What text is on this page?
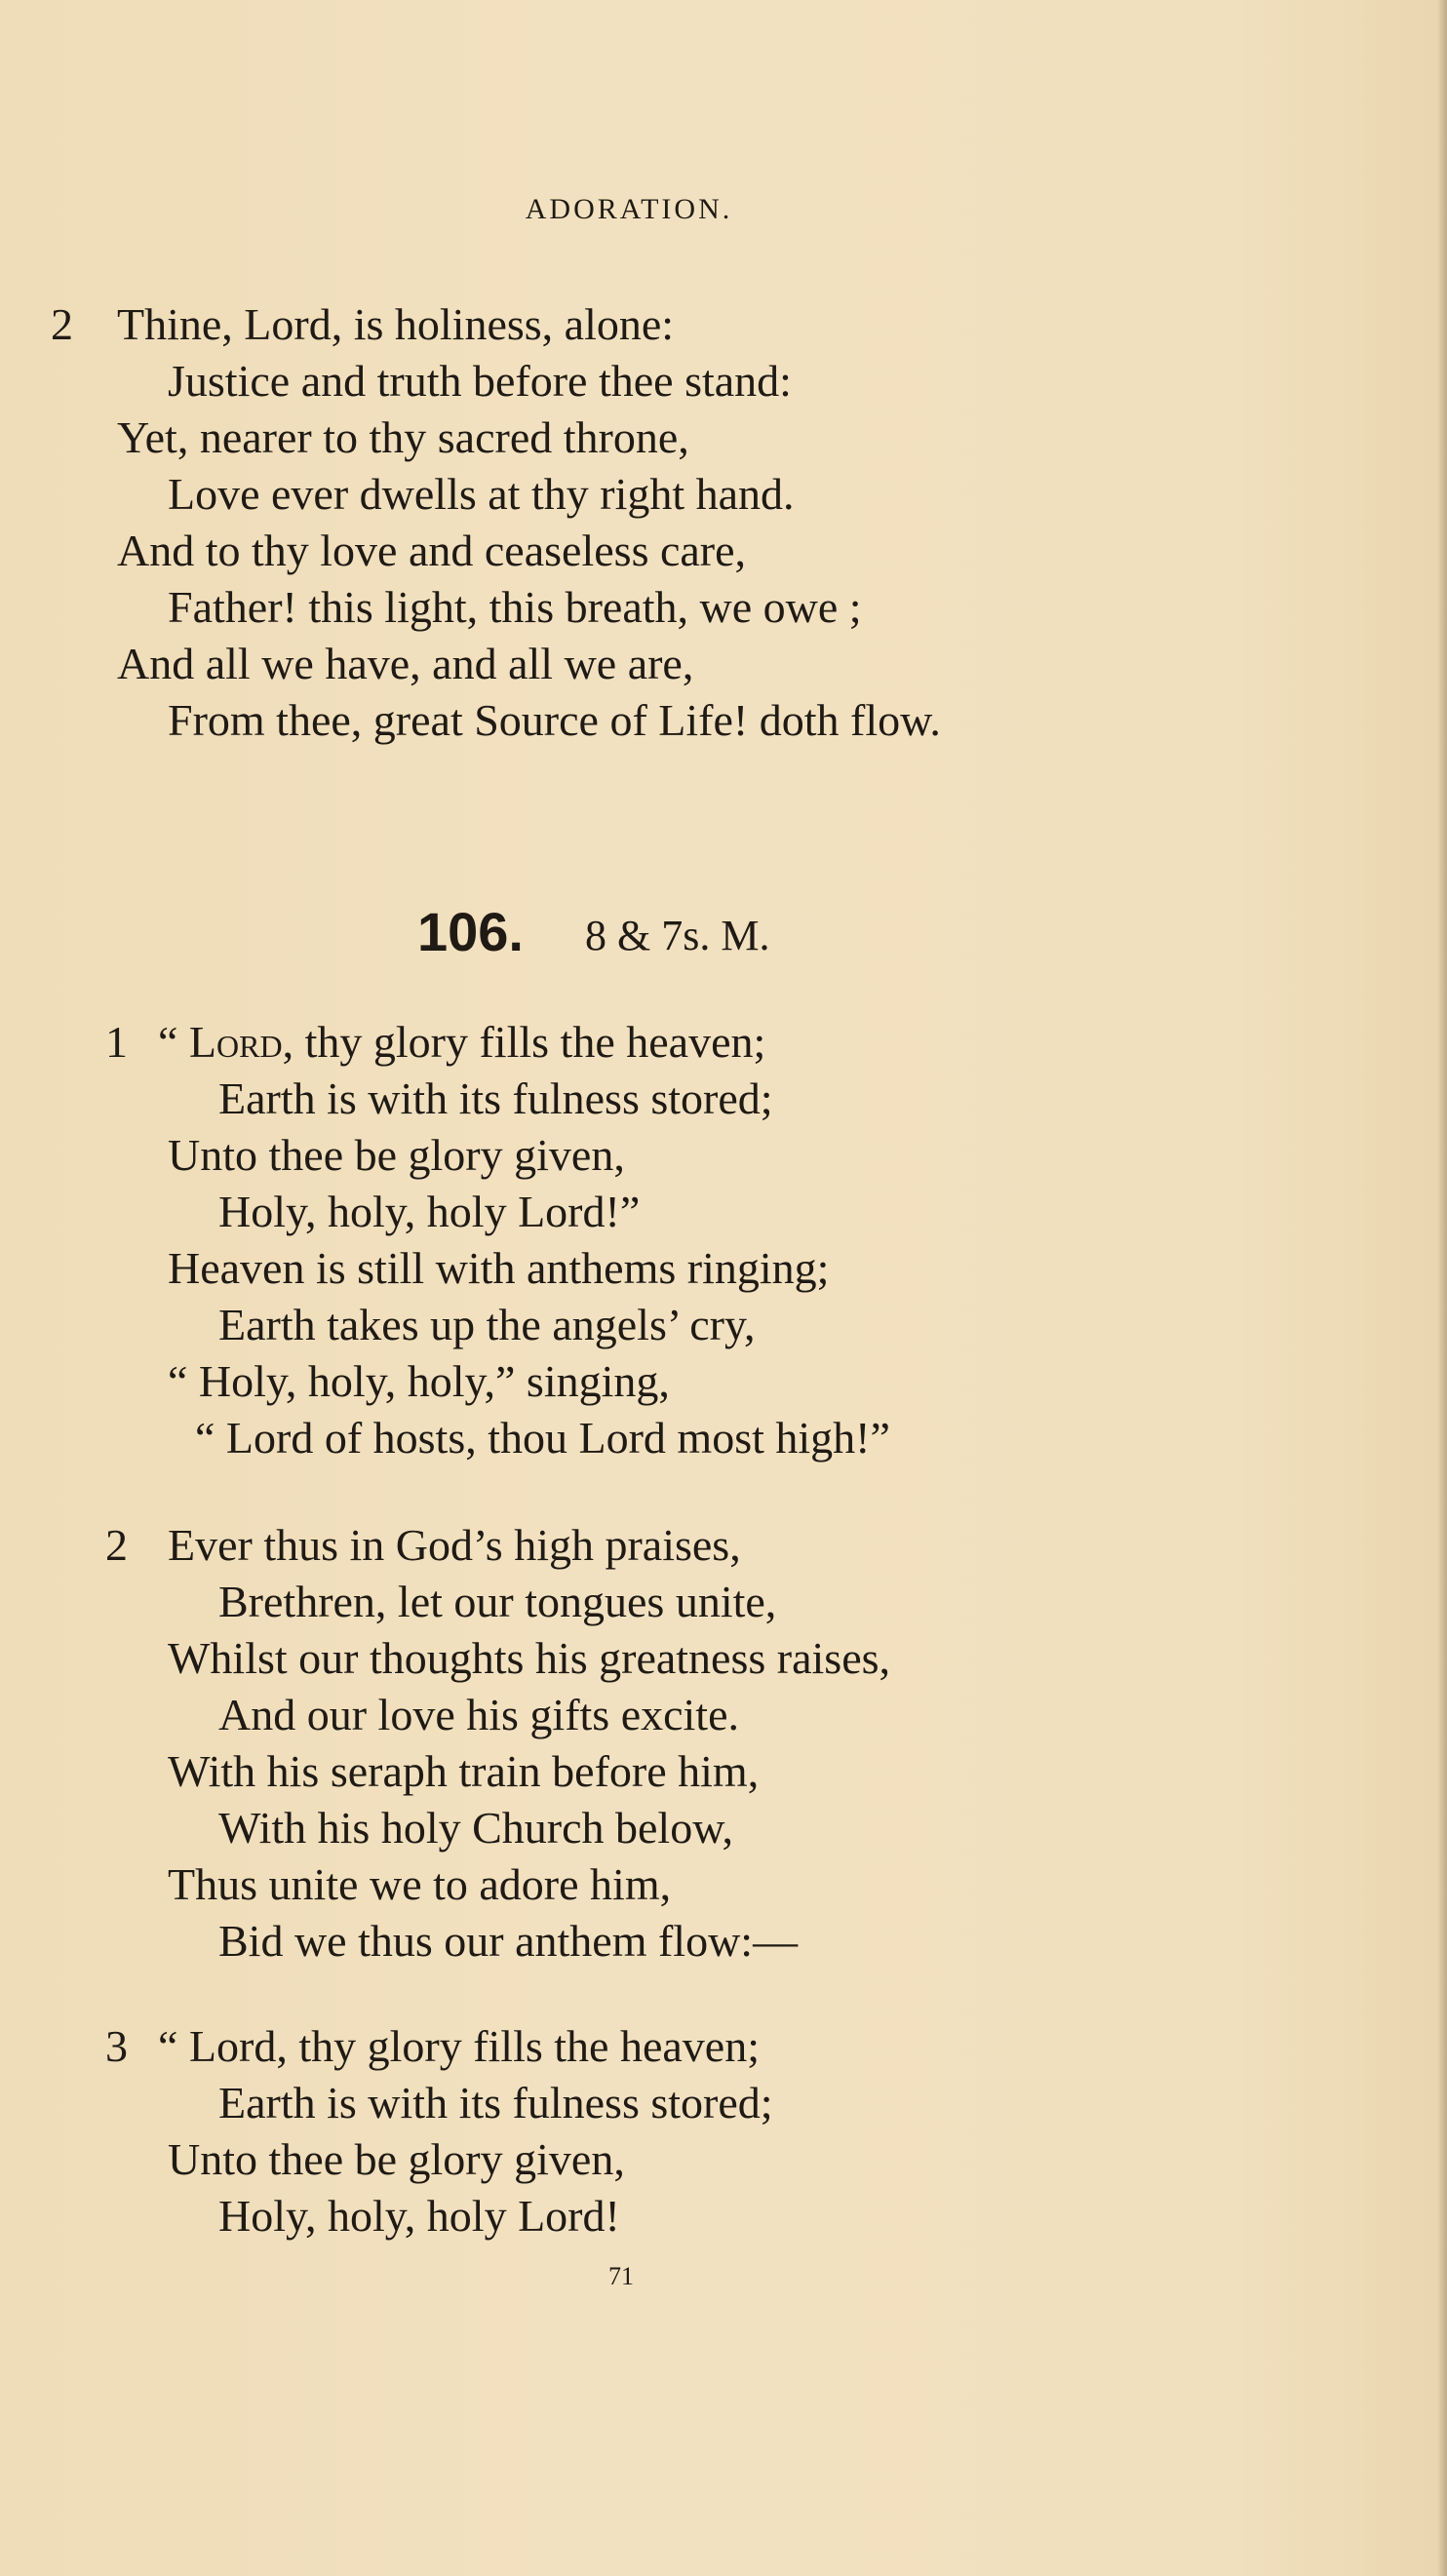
ADORATION.
2 Thine, Lord, is holiness, alone:
Justice and truth before thee stand:
Yet, nearer to thy sacred throne,
Love ever dwells at thy right hand.
And to thy love and ceaseless care,
Father! this light, this breath, we owe ;
And all we have, and all we are,
From thee, great Source of Life! doth flow.
106. 8 & 7s. M.
1 “ Lord, thy glory fills the heaven;
Earth is with its fulness stored;
Unto thee be glory given,
Holy, holy, holy Lord!”
Heaven is still with anthems ringing;
Earth takes up the angels’ cry,
“ Holy, holy, holy,” singing,
“ Lord of hosts, thou Lord most high!”
2 Ever thus in God’s high praises,
Brethren, let our tongues unite,
Whilst our thoughts his greatness raises,
And our love his gifts excite.
With his seraph train before him,
With his holy Church below,
Thus unite we to adore him,
Bid we thus our anthem flow:—
3 “ Lord, thy glory fills the heaven;
Earth is with its fulness stored;
Unto thee be glory given,
Holy, holy, holy Lord!
71
